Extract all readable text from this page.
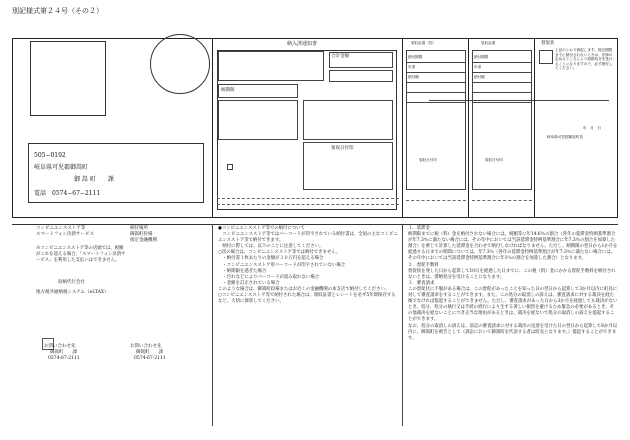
別記様式第２４号（その２）
505−0192
岐阜県可児郡御嵩町
御 嵩 町　　課
電話　0574−67−2111
納入済通知書
合計金額
納期限
領収日付印
領収証書（控）
納付期限
年度
納付額
領収日付印
領収証書
納付期限
年度
納付額
領収日付印
督促状
上記のとおり督促します。指定期限までに納付されないときは、法律の定めるところにより滞納処分を受けることになりますので、必ず納付してください。
年　月　日
岐阜県可児郡御嵩町長
コンビニエンスストア等
スマートフォン決済サービス
納付場所
御嵩町役場
指定金融機関
※コンビニエンスストア等の店頭では、税額がこれを超える場合、「スマートフォン決済サービス」を利用した支払いはできません。
収納代行会社
地方税共通納税システム（eLTAX）
お問い合わせ先
御嵩町　　課
0574-67-2111
お問い合わせ先
御嵩町　　課
0574-67-2111
●コンビニエンスストア等での納付について
　コンビニエンスストア等ではバーコードが印字されている納付書は、全国の主なコンビニエンスストア等で納付できます。
　納付に際しては、以下のことに注意してください。
○次の場合は、コンビニエンスストア等では納付できません。
　・納付書１枚あたりの金額が３０万円を超える場合
　・コンビニエンスストア用バーコードが印字されていない場合
　・納期限を過ぎた場合
　・汚れなどによりバーコードが読み取れない場合
　・金額を訂正されている場合
このような場合は、御嵩町役場またはお近くの金融機関の本支店で納付してください。
○コンビニエンスストア等で納付された場合は、領収証書とレシートを必ず5年間保存するなど、大切に保管してください。
１．延滞金
納期限までに税（料）金を納付されない場合には、税額等に年14.6％の割合（各年の延滞金特例基準割合が年7.3％に満たない場合には、その年中においては当該延滞金特例基準割合に年7.3％の割合を加算した割合）を乗じて計算した延滞金を合わせて納付しなければなりません。ただし、納期限の翌日から1か月を経過する日までの期間については、年7.3％（各年の延滞金特例基準割合が年7.3％に満たない場合には、その年中においては当該延滞金特例基準割合に年1％の割合を加算した割合）となります。
２．督促手数料
督促状を発した日から起算して10日を経過した日までに、この税（料）金にかかる督促手数料を納付されないときは、滞納処分を受けることになります。
３．審査請求
この督促状に不服がある場合は、この督促があったことを知った日の翌日から起算して3か月以内に町長に対して審査請求をすることができます。また、この処分の取消しの訴えは、審査請求に対する裁決を経た後でなければ提起することができません。ただし、審査請求があった日から3か月を経過しても裁決がないとき、処分、処分の執行又は手続の続行により生ずる著しい損害を避けるため緊急の必要があるとき、その他裁決を経ないことにつき正当な理由があるときは、裁決を経ないで処分の取消しの訴えを提起することができます。
なお、処分の取消しの訴えは、前記の審査請求に対する裁決の送達を受けた日の翌日から起算して6か月以内に、御嵩町を被告として（訴訟において御嵩町を代表する者は町長となります。）提起することができます。
